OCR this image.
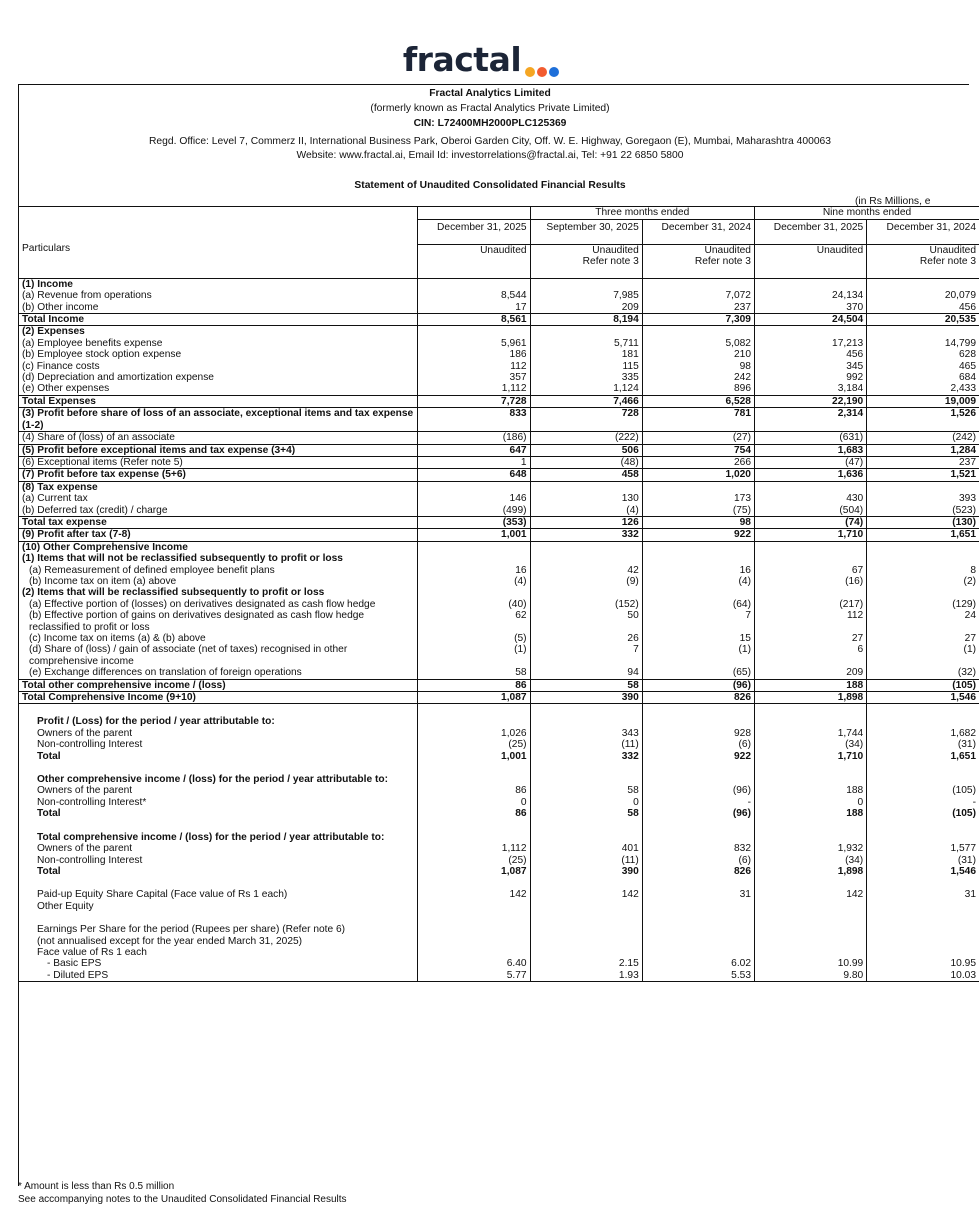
fractal
Fractal Analytics Limited
(formerly known as Fractal Analytics Private Limited)
CIN: L72400MH2000PLC125369
Regd. Office: Level 7, Commerz II, International Business Park, Oberoi Garden City, Off. W. E. Highway, Goregaon (E), Mumbai, Maharashtra 400063
Website: www.fractal.ai, Email Id: investorrelations@fractal.ai, Tel: +91 22 6850 5800
Statement of Unaudited Consolidated Financial Results
(in Rs Millions, e
		Three months ended		Nine months ended	
Particulars	December 31, 2025	September 30, 2025	December 31, 2024	December 31, 2025	December 31, 2024
	Unaudited	Unaudited	Unaudited	Unaudited	Unaudited
		Refer note 3	Refer note 3		Refer note 3

(1) Income					
(a) Revenue from operations	8,544	7,985	7,072	24,134	20,079
(b) Other income	17	209	237	370	456
Total Income	8,561	8,194	7,309	24,504	20,535
(2) Expenses					
(a) Employee benefits expense	5,961	5,711	5,082	17,213	14,799
(b) Employee stock option expense	186	181	210	456	628
(c) Finance costs	112	115	98	345	465
(d) Depreciation and amortization expense	357	335	242	992	684
(e) Other expenses	1,112	1,124	896	3,184	2,433
Total Expenses	7,728	7,466	6,528	22,190	19,009
(3) Profit before share of loss of an associate, exceptional items and tax expense	833	728	781	2,314	1,526
(1-2)					
(4) Share of (loss) of an associate	(186)	(222)	(27)	(631)	(242)
(5) Profit before exceptional items and tax expense (3+4)	647	506	754	1,683	1,284
(6) Exceptional items (Refer note 5)	1	(48)	266	(47)	237
(7) Profit before tax expense (5+6)	648	458	1,020	1,636	1,521
(8) Tax expense					
(a) Current tax	146	130	173	430	393
(b) Deferred tax (credit) / charge	(499)	(4)	(75)	(504)	(523)
Total tax expense	(353)	126	98	(74)	(130)
(9) Profit after tax (7-8)	1,001	332	922	1,710	1,651
(10) Other Comprehensive Income					
(1) Items that will not be reclassified subsequently to profit or loss					
(a) Remeasurement of defined employee benefit plans	16	42	16	67	8
(b) Income tax on item (a) above	(4)	(9)	(4)	(16)	(2)
(2) Items that will be reclassified subsequently to profit or loss					
(a) Effective portion of (losses) on derivatives designated as cash flow hedge	(40)	(152)	(64)	(217)	(129)
(b) Effective portion of gains on derivatives designated as cash flow hedge	62	50	7	112	24
reclassified to profit or loss					
(c) Income tax on items (a) & (b) above	(5)	26	15	27	27
(d) Share of (loss) / gain of associate (net of taxes) recognised in other	(1)	7	(1)	6	(1)
comprehensive income					
(e) Exchange differences on translation of foreign operations	58	94	(65)	209	(32)
Total other comprehensive income / (loss)	86	58	(96)	188	(105)
Total Comprehensive Income (9+10)	1,087	390	826	1,898	1,546

Profit / (Loss) for the period / year attributable to:					
Owners of the parent	1,026	343	928	1,744	1,682
Non-controlling Interest	(25)	(11)	(6)	(34)	(31)
Total	1,001	332	922	1,710	1,651

Other comprehensive income / (loss) for the period / year attributable to:					
Owners of the parent	86	58	(96)	188	(105)
Non-controlling Interest*	0	0	-	0	-
Total	86	58	(96)	188	(105)

Total comprehensive income / (loss) for the period / year attributable to:					
Owners of the parent	1,112	401	832	1,932	1,577
Non-controlling Interest	(25)	(11)	(6)	(34)	(31)
Total	1,087	390	826	1,898	1,546

Paid-up Equity Share Capital (Face value of Rs 1 each)	142	142	31	142	31
Other Equity					

Earnings Per Share for the period (Rupees per share) (Refer note 6)					
(not annualised except for the year ended March 31, 2025)					
Face value of Rs 1 each					
- Basic EPS	6.40	2.15	6.02	10.99	10.95
- Diluted EPS	5.77	1.93	5.53	9.80	10.03
* Amount is less than Rs 0.5 million
See accompanying notes to the Unaudited Consolidated Financial Results
